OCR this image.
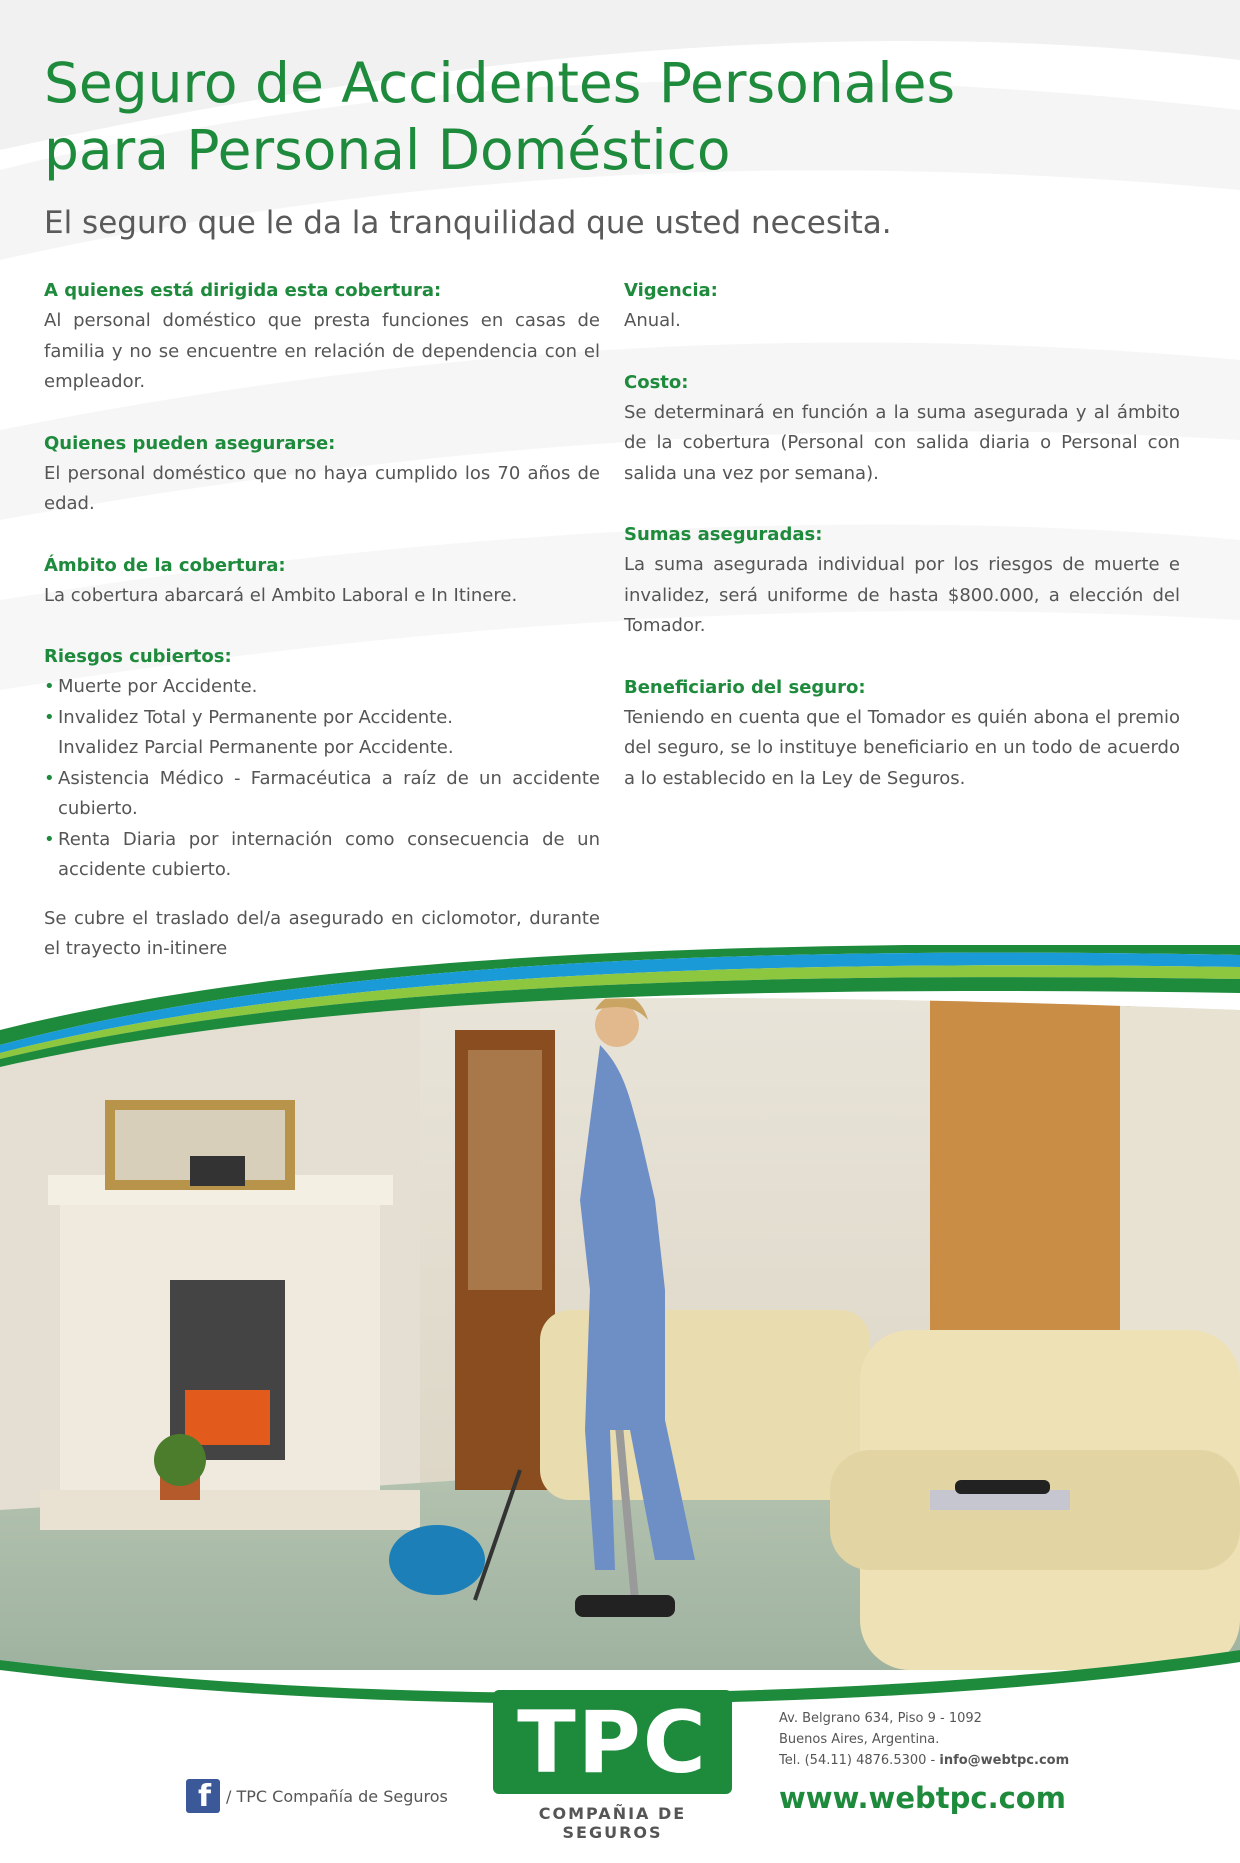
Seguro de Accidentes Personales
para Personal Doméstico
El seguro que le da la tranquilidad que usted necesita.

A quienes está dirigida esta cobertura:

Al personal doméstico que presta funciones en casas de familia y no se encuentre en relación de dependencia con el empleador.

Quienes pueden asegurarse:

El personal doméstico que no haya cumplido los 70 años de edad.

Ámbito de la cobertura:

La cobertura abarcará el Ambito Laboral e In Itinere.

Riesgos cubiertos:

• Muerte por Accidente.
• Invalidez Total y Permanente por Accidente.
Invalidez Parcial Permanente por Accidente.
• Asistencia Médico - Farmacéutica a raíz de un accidente cubierto.
• Renta Diaria por internación como consecuencia de un accidente cubierto.

Se cubre el traslado del/a asegurado en ciclomotor, durante el trayecto in-itinere

Vigencia:

Anual.

Costo:

Se determinará en función a la suma asegurada y al ámbito de la cobertura (Personal con salida diaria o Personal con salida una vez por semana).

Sumas aseguradas:

La suma asegurada individual por los riesgos de muerte e invalidez, será uniforme de hasta $800.000, a elección del Tomador.

Beneficiario del seguro:

Teniendo en cuenta que el Tomador es quién abona el premio del seguro, se lo instituye beneficiario en un todo de acuerdo a lo establecido en la Ley de Seguros.

f / TPC Compañía de Seguros
TPC
COMPAÑIA DE SEGUROS
Av. Belgrano 634, Piso 9 - 1092
Buenos Aires, Argentina.
Tel. (54.11) 4876.5300 - info@webtpc.com
www.webtpc.com
